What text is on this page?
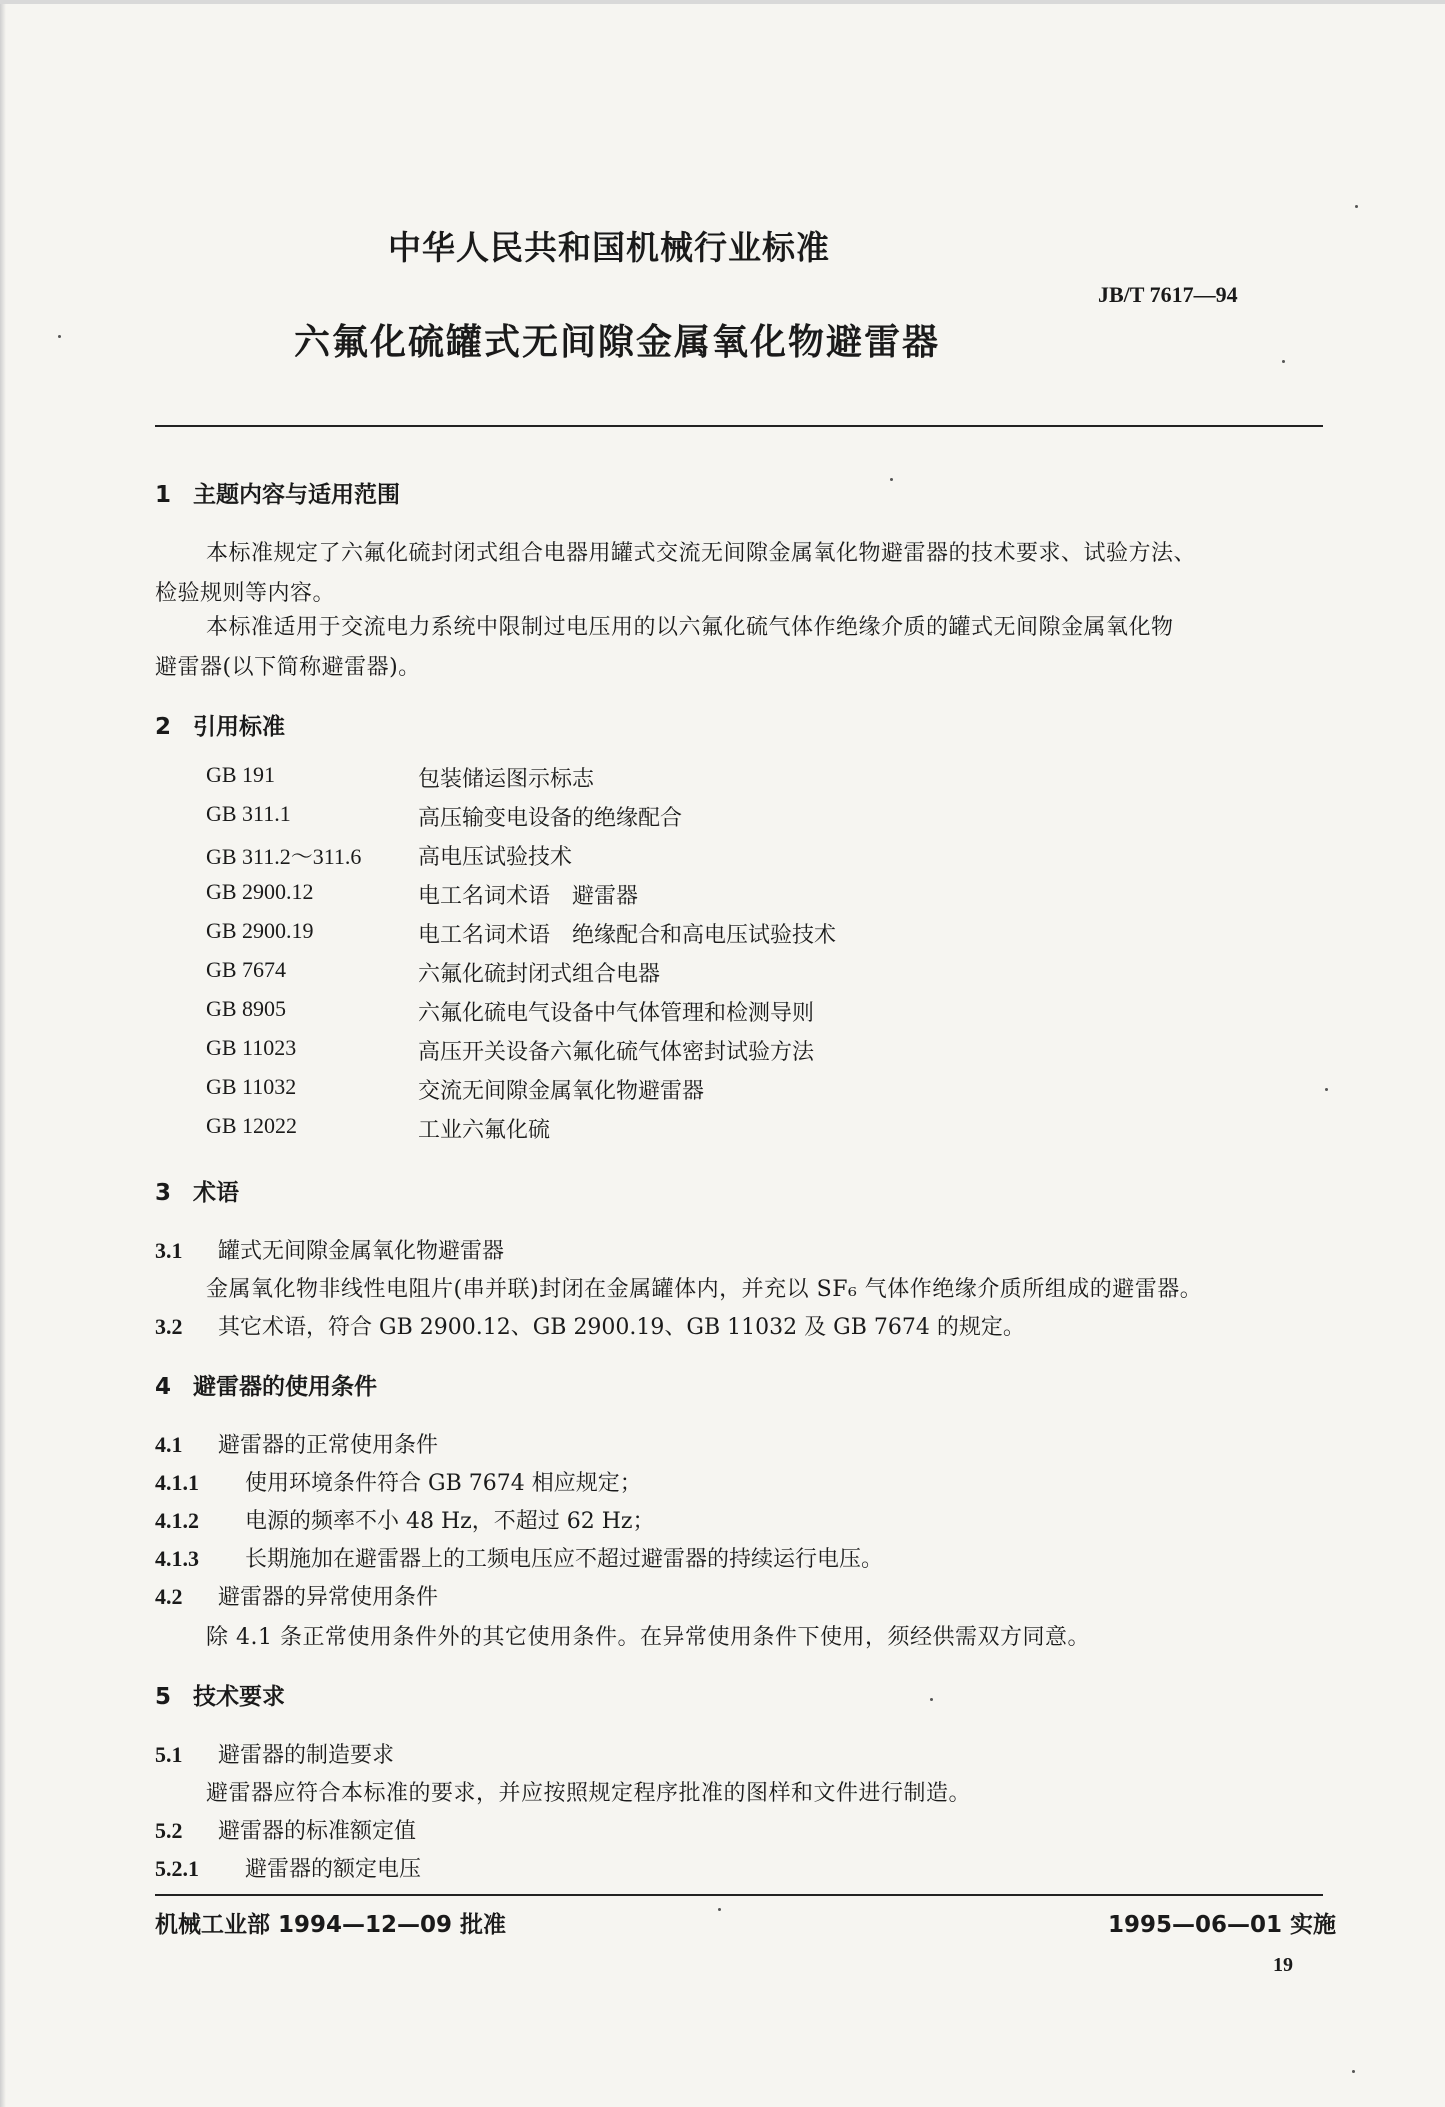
中华人民共和国机械行业标准
JB/T 7617—94
六氟化硫罐式无间隙金属氧化物避雷器
1 主题内容与适用范围
本标准规定了六氟化硫封闭式组合电器用罐式交流无间隙金属氧化物避雷器的技术要求、试验方法、
检验规则等内容。
本标准适用于交流电力系统中限制过电压用的以六氟化硫气体作绝缘介质的罐式无间隙金属氧化物
避雷器(以下简称避雷器)。
2 引用标准
GB 191	包装储运图示标志
GB 311.1	高压输变电设备的绝缘配合
GB 311.2～311.6	高电压试验技术
GB 2900.12	电工名词术语　避雷器
GB 2900.19	电工名词术语　绝缘配合和高电压试验技术
GB 7674	六氟化硫封闭式组合电器
GB 8905	六氟化硫电气设备中气体管理和检测导则
GB 11023	高压开关设备六氟化硫气体密封试验方法
GB 11032	交流无间隙金属氧化物避雷器
GB 12022	工业六氟化硫
3 术语
3.1 罐式无间隙金属氧化物避雷器
金属氧化物非线性电阻片(串并联)封闭在金属罐体内，并充以 SF₆ 气体作绝缘介质所组成的避雷器。
3.2 其它术语，符合 GB 2900.12、GB 2900.19、GB 11032 及 GB 7674 的规定。
4 避雷器的使用条件
4.1 避雷器的正常使用条件
4.1.1 使用环境条件符合 GB 7674 相应规定；
4.1.2 电源的频率不小 48 Hz，不超过 62 Hz；
4.1.3 长期施加在避雷器上的工频电压应不超过避雷器的持续运行电压。
4.2 避雷器的异常使用条件
除 4.1 条正常使用条件外的其它使用条件。在异常使用条件下使用，须经供需双方同意。
5 技术要求
5.1 避雷器的制造要求
避雷器应符合本标准的要求，并应按照规定程序批准的图样和文件进行制造。
5.2 避雷器的标准额定值
5.2.1 避雷器的额定电压
机械工业部 1994—12—09 批准	1995—06—01 实施
19
